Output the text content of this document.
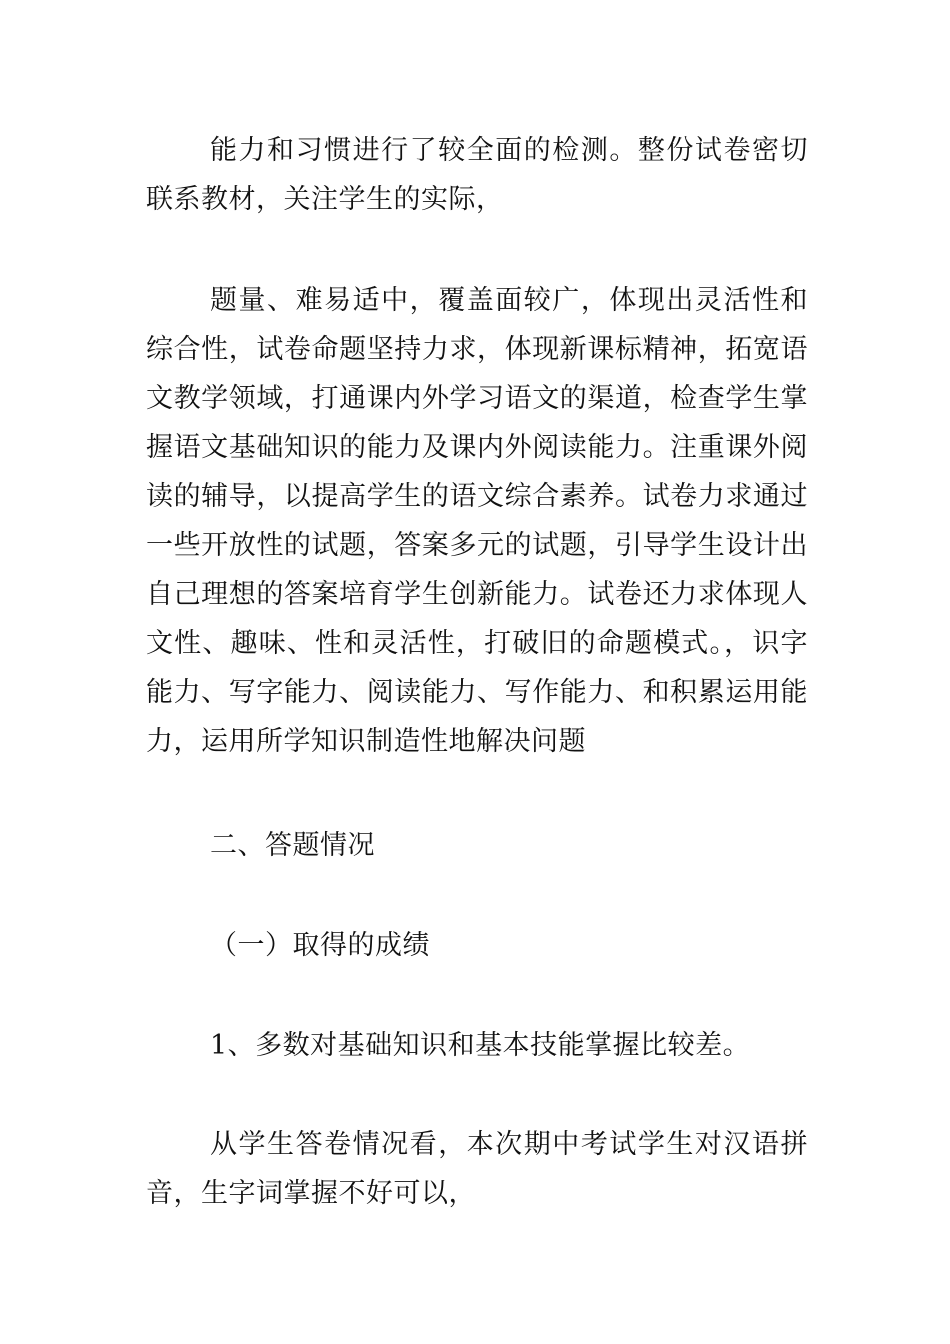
能力和习惯进行了较全面的检测。整份试卷密切联系教材，关注学生的实际，

题量、难易适中，覆盖面较广，体现出灵活性和综合性，试卷命题坚持力求，体现新课标精神，拓宽语文教学领域，打通课内外学习语文的渠道，检查学生掌握语文基础知识的能力及课内外阅读能力。注重课外阅读的辅导，以提高学生的语文综合素养。试卷力求通过一些开放性的试题，答案多元的试题，引导学生设计出自己理想的答案培育学生创新能力。试卷还力求体现人文性、趣味、性和灵活性，打破旧的命题模式。，识字能力、写字能力、阅读能力、写作能力、和积累运用能力，运用所学知识制造性地解决问题

二、答题情况

（一）取得的成绩

1、多数对基础知识和基本技能掌握比较差。

从学生答卷情况看，本次期中考试学生对汉语拼音，生字词掌握不好可以，
